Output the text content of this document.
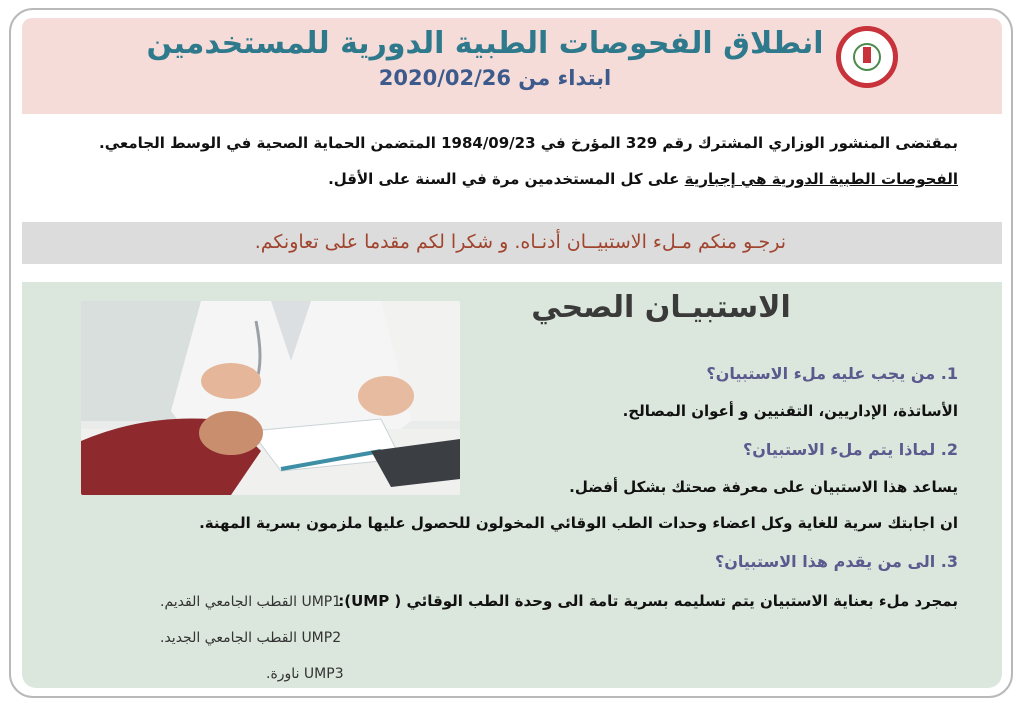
انطلاق الفحوصات الطبية الدورية للمستخدمين
ابتداء من 2020/02/26
بمقتضى المنشور الوزاري المشترك رقم 329 المؤرخ في 1984/09/23 المتضمن الحماية الصحية في الوسط الجامعي.
الفحوصات الطبية الدورية هي إجبارية على كل المستخدمين مرة في السنة على الأقل.
نرجـو منكم مـلء الاستبيــان أدنـاه. و شكرا لكم مقدما على تعاونكم.
الاستبيـان الصحي
1. من يجب عليه ملء الاستبيان؟
الأساتذة، الإداريين، التقنيين و أعوان المصالح.
2. لماذا يتم ملء الاستبيان؟
يساعد هذا الاستبيان على معرفة صحتك بشكل أفضل.
ان اجابتك سرية للغاية وكل اعضاء وحدات الطب الوقائي المخولون للحصول عليها ملزمون بسرية المهنة.
3. الى من يقدم هذا الاستبيان؟
بمجرد ملء بعناية الاستبيان يتم تسليمه بسرية تامة الى وحدة الطب الوقائي ( UMP):
UMP1 القطب الجامعي القديم.
UMP2 القطب الجامعي الجديد.
UMP3 ناورة.
